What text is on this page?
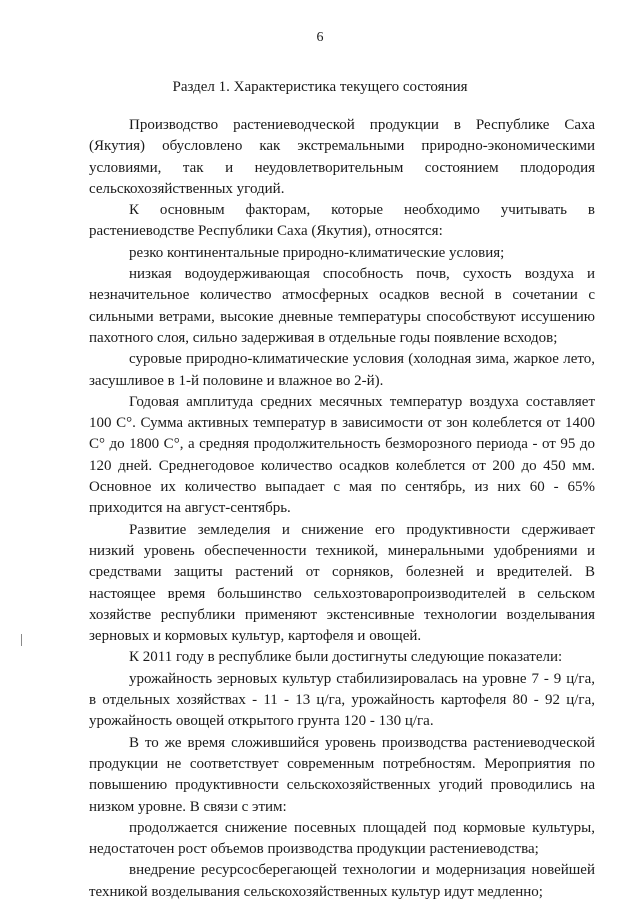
6
Раздел 1. Характеристика текущего состояния

Производство растениеводческой продукции в Республике Саха (Якутия) обусловлено как экстремальными природно-экономическими условиями, так и неудовлетворительным состоянием плодородия сельскохозяйственных угодий.

К основным факторам, которые необходимо учитывать в растениеводстве Республики Саха (Якутия), относятся:

резко континентальные природно-климатические условия;

низкая водоудерживающая способность почв, сухость воздуха и незначительное количество атмосферных осадков весной в сочетании с сильными ветрами, высокие дневные температуры способствуют иссушению пахотного слоя, сильно задерживая в отдельные годы появление всходов;

суровые природно-климатические условия (холодная зима, жаркое лето, засушливое в 1-й половине и влажное во 2-й).

Годовая амплитуда средних месячных температур воздуха составляет 100 С°. Сумма активных температур в зависимости от зон колеблется от 1400 С° до 1800 С°, а средняя продолжительность безморозного периода - от 95 до 120 дней. Среднегодовое количество осадков колеблется от 200 до 450 мм. Основное их количество выпадает с мая по сентябрь, из них 60 - 65% приходится на август-сентябрь.

Развитие земледелия и снижение его продуктивности сдерживает низкий уровень обеспеченности техникой, минеральными удобрениями и средствами защиты растений от сорняков, болезней и вредителей. В настоящее время большинство сельхозтоваропроизводителей в сельском хозяйстве республики применяют экстенсивные технологии возделывания зерновых и кормовых культур, картофеля и овощей.

К 2011 году в республике были достигнуты следующие показатели:

урожайность зерновых культур стабилизировалась на уровне 7 - 9 ц/га, в отдельных хозяйствах - 11 - 13 ц/га, урожайность картофеля 80 - 92 ц/га, урожайность овощей открытого грунта 120 - 130 ц/га.

В то же время сложившийся уровень производства растениеводческой продукции не соответствует современным потребностям. Мероприятия по повышению продуктивности сельскохозяйственных угодий проводились на низком уровне. В связи с этим:

продолжается снижение посевных площадей под кормовые культуры, недостаточен рост объемов производства продукции растениеводства;

внедрение ресурсосберегающей технологии и модернизация новейшей техникой возделывания сельскохозяйственных культур идут медленно;
